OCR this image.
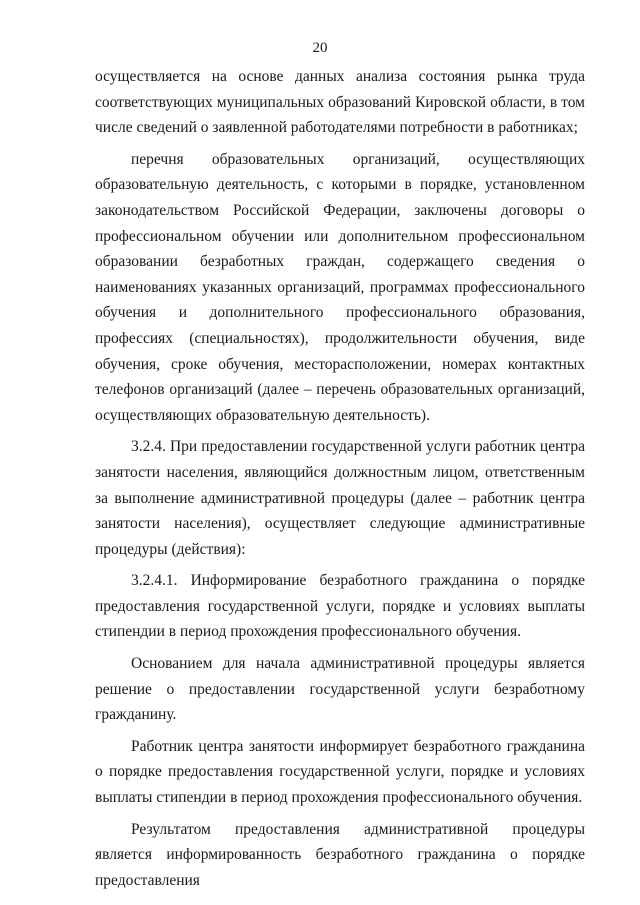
20

осуществляется на основе данных анализа состояния рынка труда соответствующих муниципальных образований Кировской области, в том числе сведений о заявленной работодателями потребности в работниках;

перечня образовательных организаций, осуществляющих образовательную деятельность, с которыми в порядке, установленном законодательством Российской Федерации, заключены договоры о профессиональном обучении или дополнительном профессиональном образовании безработных граждан, содержащего сведения о наименованиях указанных организаций, программах профессионального обучения и дополнительного профессионального образования, профессиях (специальностях), продолжительности обучения, виде обучения, сроке обучения, месторасположении, номерах контактных телефонов организаций (далее – перечень образовательных организаций, осуществляющих образовательную деятельность).

3.2.4. При предоставлении государственной услуги работник центра занятости населения, являющийся должностным лицом, ответственным за выполнение административной процедуры (далее – работник центра занятости населения), осуществляет следующие административные процедуры (действия):

3.2.4.1. Информирование безработного гражданина о порядке предоставления государственной услуги, порядке и условиях выплаты стипендии в период прохождения профессионального обучения.

Основанием для начала административной процедуры является решение о предоставлении государственной услуги безработному гражданину.

Работник центра занятости информирует безработного гражданина о порядке предоставления государственной услуги, порядке и условиях выплаты стипендии в период прохождения профессионального обучения.

Результатом предоставления административной процедуры является информированность безработного гражданина о порядке предоставления
